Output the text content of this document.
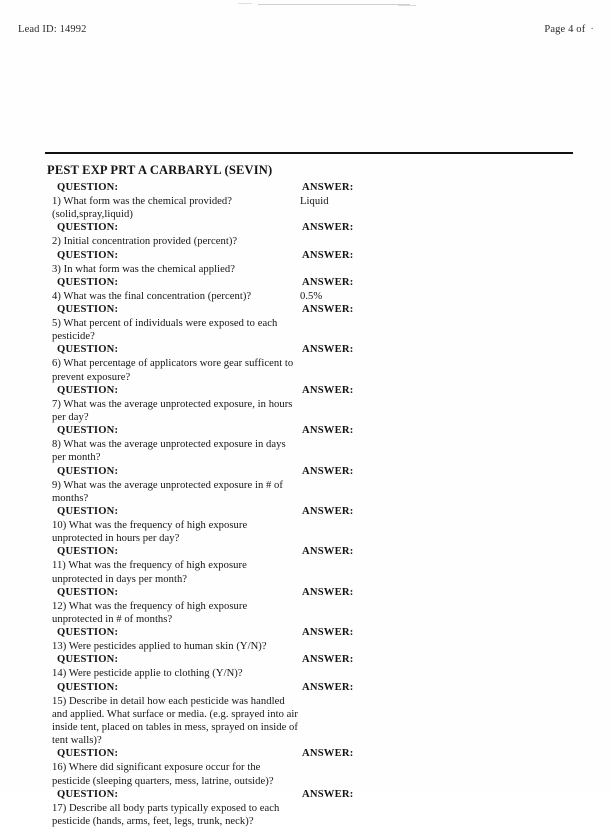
Lead ID: 14992	Page 4 of ·
PEST EXP PRT A CARBARYL (SEVIN)
QUESTION:	ANSWER:
1) What form was the chemical provided?(solid,spray,liquid)
Liquid
QUESTION:	ANSWER:
2) Initial concentration provided (percent)?
QUESTION:	ANSWER:
3) In what form was the chemical applied?
QUESTION:	ANSWER:
4) What was the final concentration (percent)?	0.5%
QUESTION:	ANSWER:
5) What percent of individuals were exposed to each pesticide?
QUESTION:	ANSWER:
6) What percentage of applicators wore gear sufficent to prevent exposure?
QUESTION:	ANSWER:
7) What was the average unprotected exposure, in hours per day?
QUESTION:	ANSWER:
8) What was the average unprotected exposure in days per month?
QUESTION:	ANSWER:
9) What was the average unprotected exposure in # of months?
QUESTION:	ANSWER:
10) What was the frequency of high exposure unprotected in hours per day?
QUESTION:	ANSWER:
11) What was the frequency of high exposure unprotected in days per month?
QUESTION:	ANSWER:
12) What was the frequency of high exposure unprotected in # of months?
QUESTION:	ANSWER:
13) Were pesticides applied to human skin (Y/N)?
QUESTION:	ANSWER:
14) Were pesticide applie to clothing (Y/N)?
QUESTION:	ANSWER:
15) Describe in detail how each pesticide was handled and applied. What surface or media. (e.g. sprayed into air inside tent, placed on tables in mess, sprayed on inside of tent walls)?
QUESTION:	ANSWER:
16) Where did significant exposure occur for the pesticide (sleeping quarters, mess, latrine, outside)?
QUESTION:	ANSWER:
17) Describe all body parts typically exposed to each pesticide (hands, arms, feet, legs, trunk, neck)?
